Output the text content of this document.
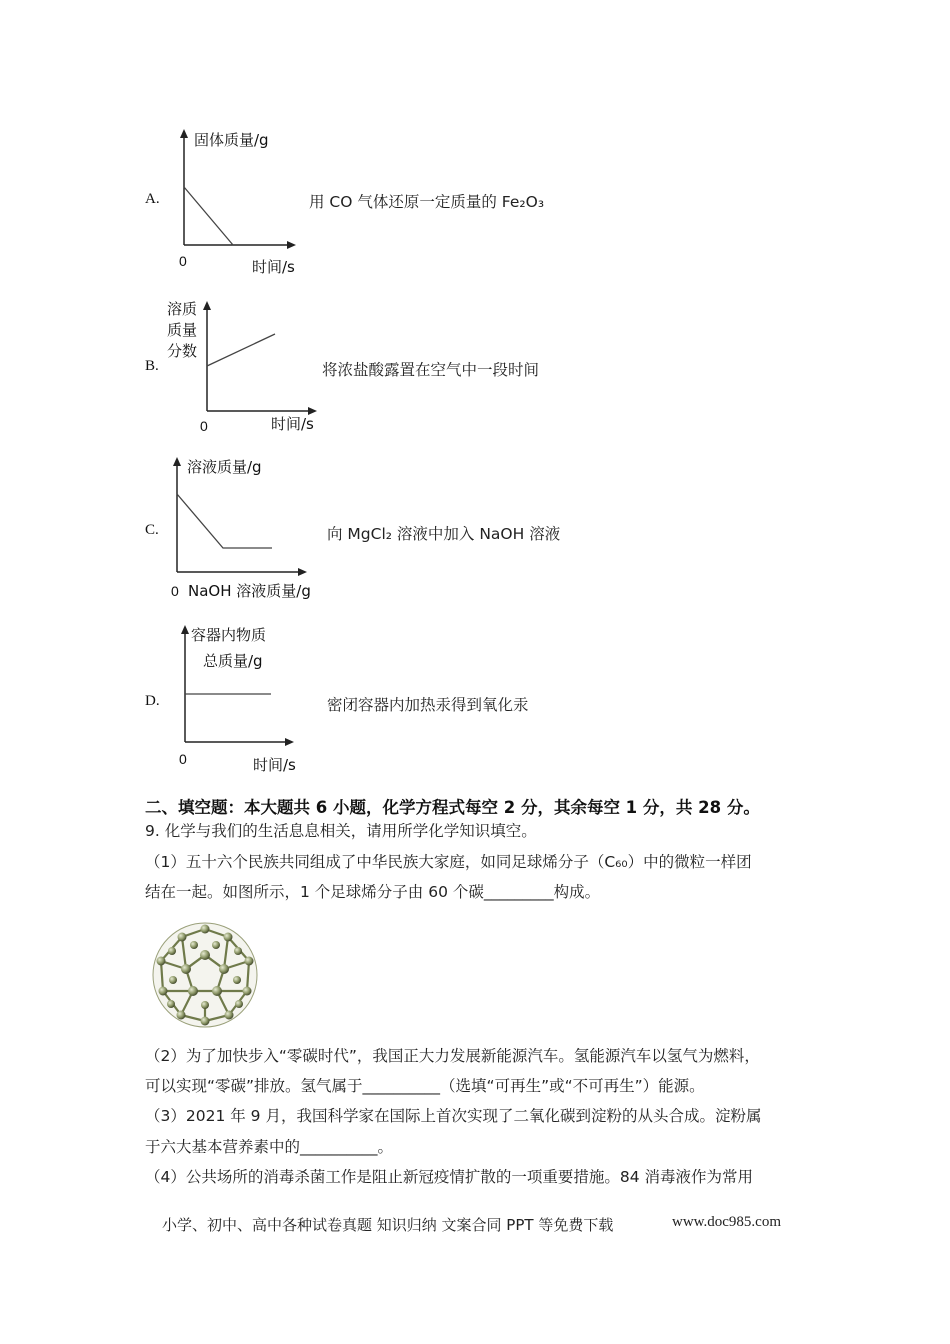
A.
固体质量/g
0	时间/s
用 CO 气体还原一定质量的 Fe₂O₃
B.
溶质
质量
分数
0	时间/s
将浓盐酸露置在空气中一段时间
C.
溶液质量/g
0 NaOH 溶液质量/g
向 MgCl₂ 溶液中加入 NaOH 溶液
D.
容器内物质
总质量/g
0	时间/s
密闭容器内加热汞得到氧化汞
二、填空题：本大题共 6 小题，化学方程式每空 2 分，其余每空 1 分，共 28 分。
9. 化学与我们的生活息息相关，请用所学化学知识填空。
（1）五十六个民族共同组成了中华民族大家庭，如同足球烯分子（C₆₀）中的微粒一样团
结在一起。如图所示，1 个足球烯分子由 60 个碳_________构成。
（2）为了加快步入“零碳时代”，我国正大力发展新能源汽车。氢能源汽车以氢气为燃料，
可以实现“零碳”排放。氢气属于__________（选填“可再生”或“不可再生”）能源。
（3）2021 年 9 月，我国科学家在国际上首次实现了二氧化碳到淀粉的从头合成。淀粉属
于六大基本营养素中的__________。
（4）公共场所的消毒杀菌工作是阻止新冠疫情扩散的一项重要措施。84 消毒液作为常用
小学、初中、高中各种试卷真题 知识归纳 文案合同 PPT 等免费下载	www.doc985.com
